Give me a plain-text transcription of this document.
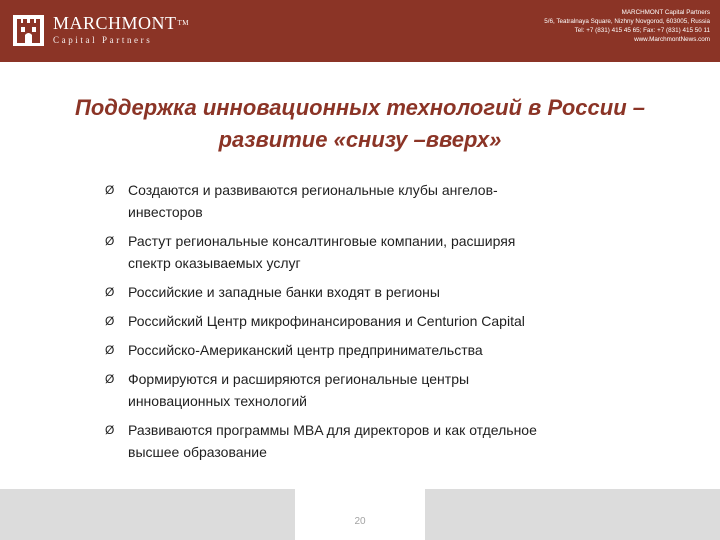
MARCHMONT™
Capital Partners
MARCHMONT Capital Partners
5/6, Teatralnaya Square, Nizhny Novgorod, 603005, Russia
Tel: +7 (831) 415 45 65; Fax: +7 (831) 415 50 11
www.MarchmontNews.com
Поддержка инновационных технологий в России –
развитие «снизу –вверх»
Ø Создаются и развиваются региональные клубы ангелов-
инвесторов
Ø Растут региональные консалтинговые компании, расширяя
спектр оказываемых услуг
Ø Российские и западные банки входят в регионы
Ø Российский Центр микрофинансирования и Centurion Capital
Ø Российско-Американский центр предпринимательства
Ø Формируются и расширяются региональные центры
инновационных технологий
Ø Развиваются программы MBA для директоров и как отдельное
высшее образование
20
